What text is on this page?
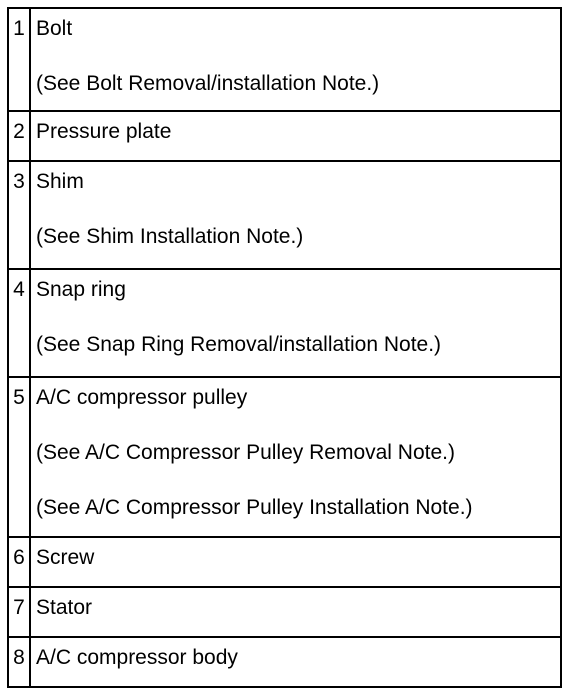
1	Bolt
(See Bolt Removal/installation Note.)

2	Pressure plate

3	Shim
(See Shim Installation Note.)

4	Snap ring
(See Snap Ring Removal/installation Note.)

5	A/C compressor pulley
(See A/C Compressor Pulley Removal Note.)
(See A/C Compressor Pulley Installation Note.)

6	Screw

7	Stator

8	A/C compressor body
